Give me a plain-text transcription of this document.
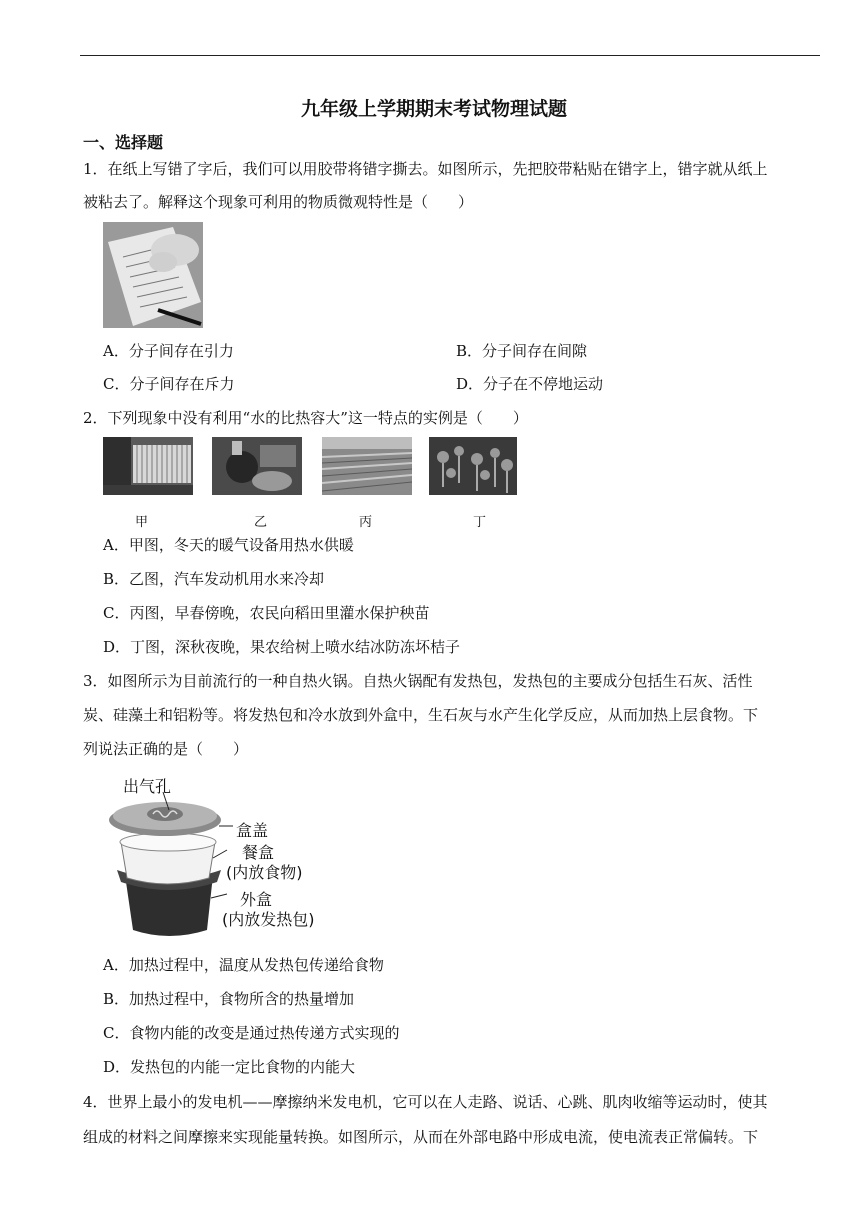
九年级上学期期末考试物理试题
一、选择题
1．在纸上写错了字后，我们可以用胶带将错字撕去。如图所示，先把胶带粘贴在错字上，错字就从纸上
被粘去了。解释这个现象可利用的物质微观特性是（　　）
A．分子间存在引力	B．分子间存在间隙
C．分子间存在斥力	D．分子在不停地运动
2．下列现象中没有利用“水的比热容大”这一特点的实例是（　　）
甲	乙	丙	丁
A．甲图，冬天的暖气设备用热水供暖
B．乙图，汽车发动机用水来冷却
C．丙图，早春傍晚，农民向稻田里灌水保护秧苗
D．丁图，深秋夜晚，果农给树上喷水结冰防冻坏桔子
3．如图所示为目前流行的一种自热火锅。自热火锅配有发热包，发热包的主要成分包括生石灰、活性
炭、硅藻土和铝粉等。将发热包和冷水放到外盒中，生石灰与水产生化学反应，从而加热上层食物。下
列说法正确的是（　　）
出气孔
盒盖
餐盒
(内放食物)
外盒
(内放发热包)
A．加热过程中，温度从发热包传递给食物
B．加热过程中，食物所含的热量增加
C．食物内能的改变是通过热传递方式实现的
D．发热包的内能一定比食物的内能大
4．世界上最小的发电机——摩擦纳米发电机，它可以在人走路、说话、心跳、肌肉收缩等运动时，使其
组成的材料之间摩擦来实现能量转换。如图所示，从而在外部电路中形成电流，使电流表正常偏转。下
